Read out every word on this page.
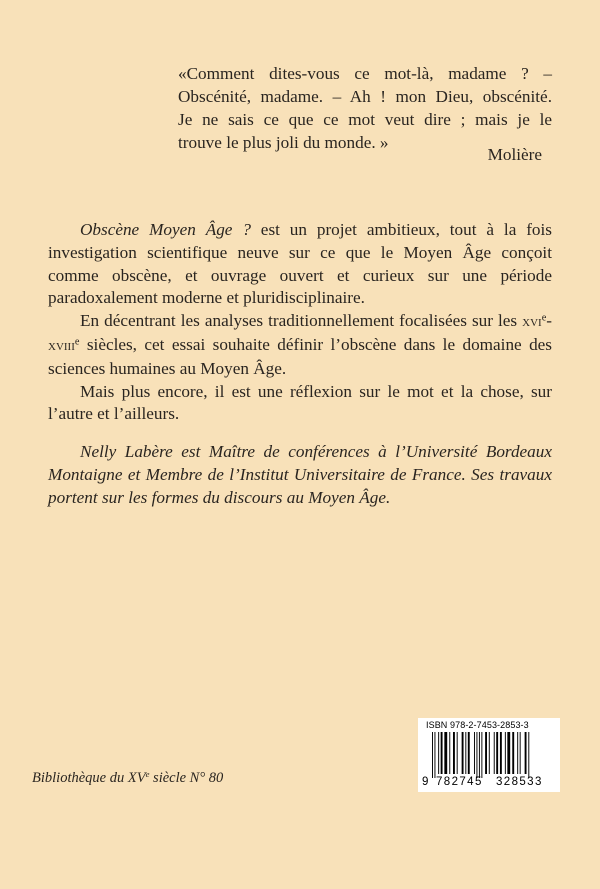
«Comment dites-vous ce mot-là, madame ? –

Obscénité, madame. – Ah ! mon Dieu, obscénité.

Je ne sais ce que ce mot veut dire ; mais je le

trouve le plus joli du monde. »

Molière

Obscène Moyen Âge ? est un projet ambitieux, tout à la fois investigation scientifique neuve sur ce que le Moyen Âge conçoit comme obscène, et ouvrage ouvert et curieux sur une période paradoxalement moderne et pluridisciplinaire.

En décentrant les analyses traditionnellement focalisées sur les xvi$^e$-xviii$^e$ siècles, cet essai souhaite définir l’obscène dans le domaine des sciences humaines au Moyen Âge.

Mais plus encore, il est une réflexion sur le mot et la chose, sur l’autre et l’ailleurs.

Nelly Labère est Maître de conférences à l’Université Bordeaux Montaigne et Membre de l’Institut Universitaire de France. Ses travaux portent sur les formes du discours au Moyen Âge.

Bibliothèque du XVe siècle N° 80
ISBN 978-2-7453-2853-3
9 782745 328533
